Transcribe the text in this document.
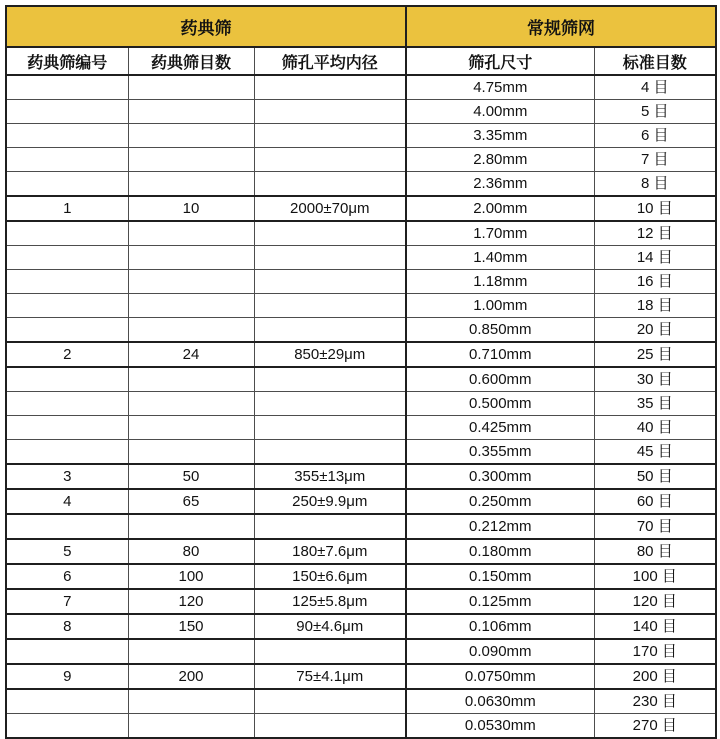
药典筛			常规筛网	
药典筛编号	药典筛目数	筛孔平均内径	筛孔尺寸	标准目数
			4.75mm	4 目
			4.00mm	5 目
			3.35mm	6 目
			2.80mm	7 目
			2.36mm	8 目
1	10	2000±70μm	2.00mm	10 目
			1.70mm	12 目
			1.40mm	14 目
			1.18mm	16 目
			1.00mm	18 目
			0.850mm	20 目
2	24	850±29μm	0.710mm	25 目
			0.600mm	30 目
			0.500mm	35 目
			0.425mm	40 目
			0.355mm	45 目
3	50	355±13μm	0.300mm	50 目
4	65	250±9.9μm	0.250mm	60 目
			0.212mm	70 目
5	80	180±7.6μm	0.180mm	80 目
6	100	150±6.6μm	0.150mm	100 目
7	120	125±5.8μm	0.125mm	120 目
8	150	90±4.6μm	0.106mm	140 目
			0.090mm	170 目
9	200	75±4.1μm	0.0750mm	200 目
			0.0630mm	230 目
			0.0530mm	270 目
